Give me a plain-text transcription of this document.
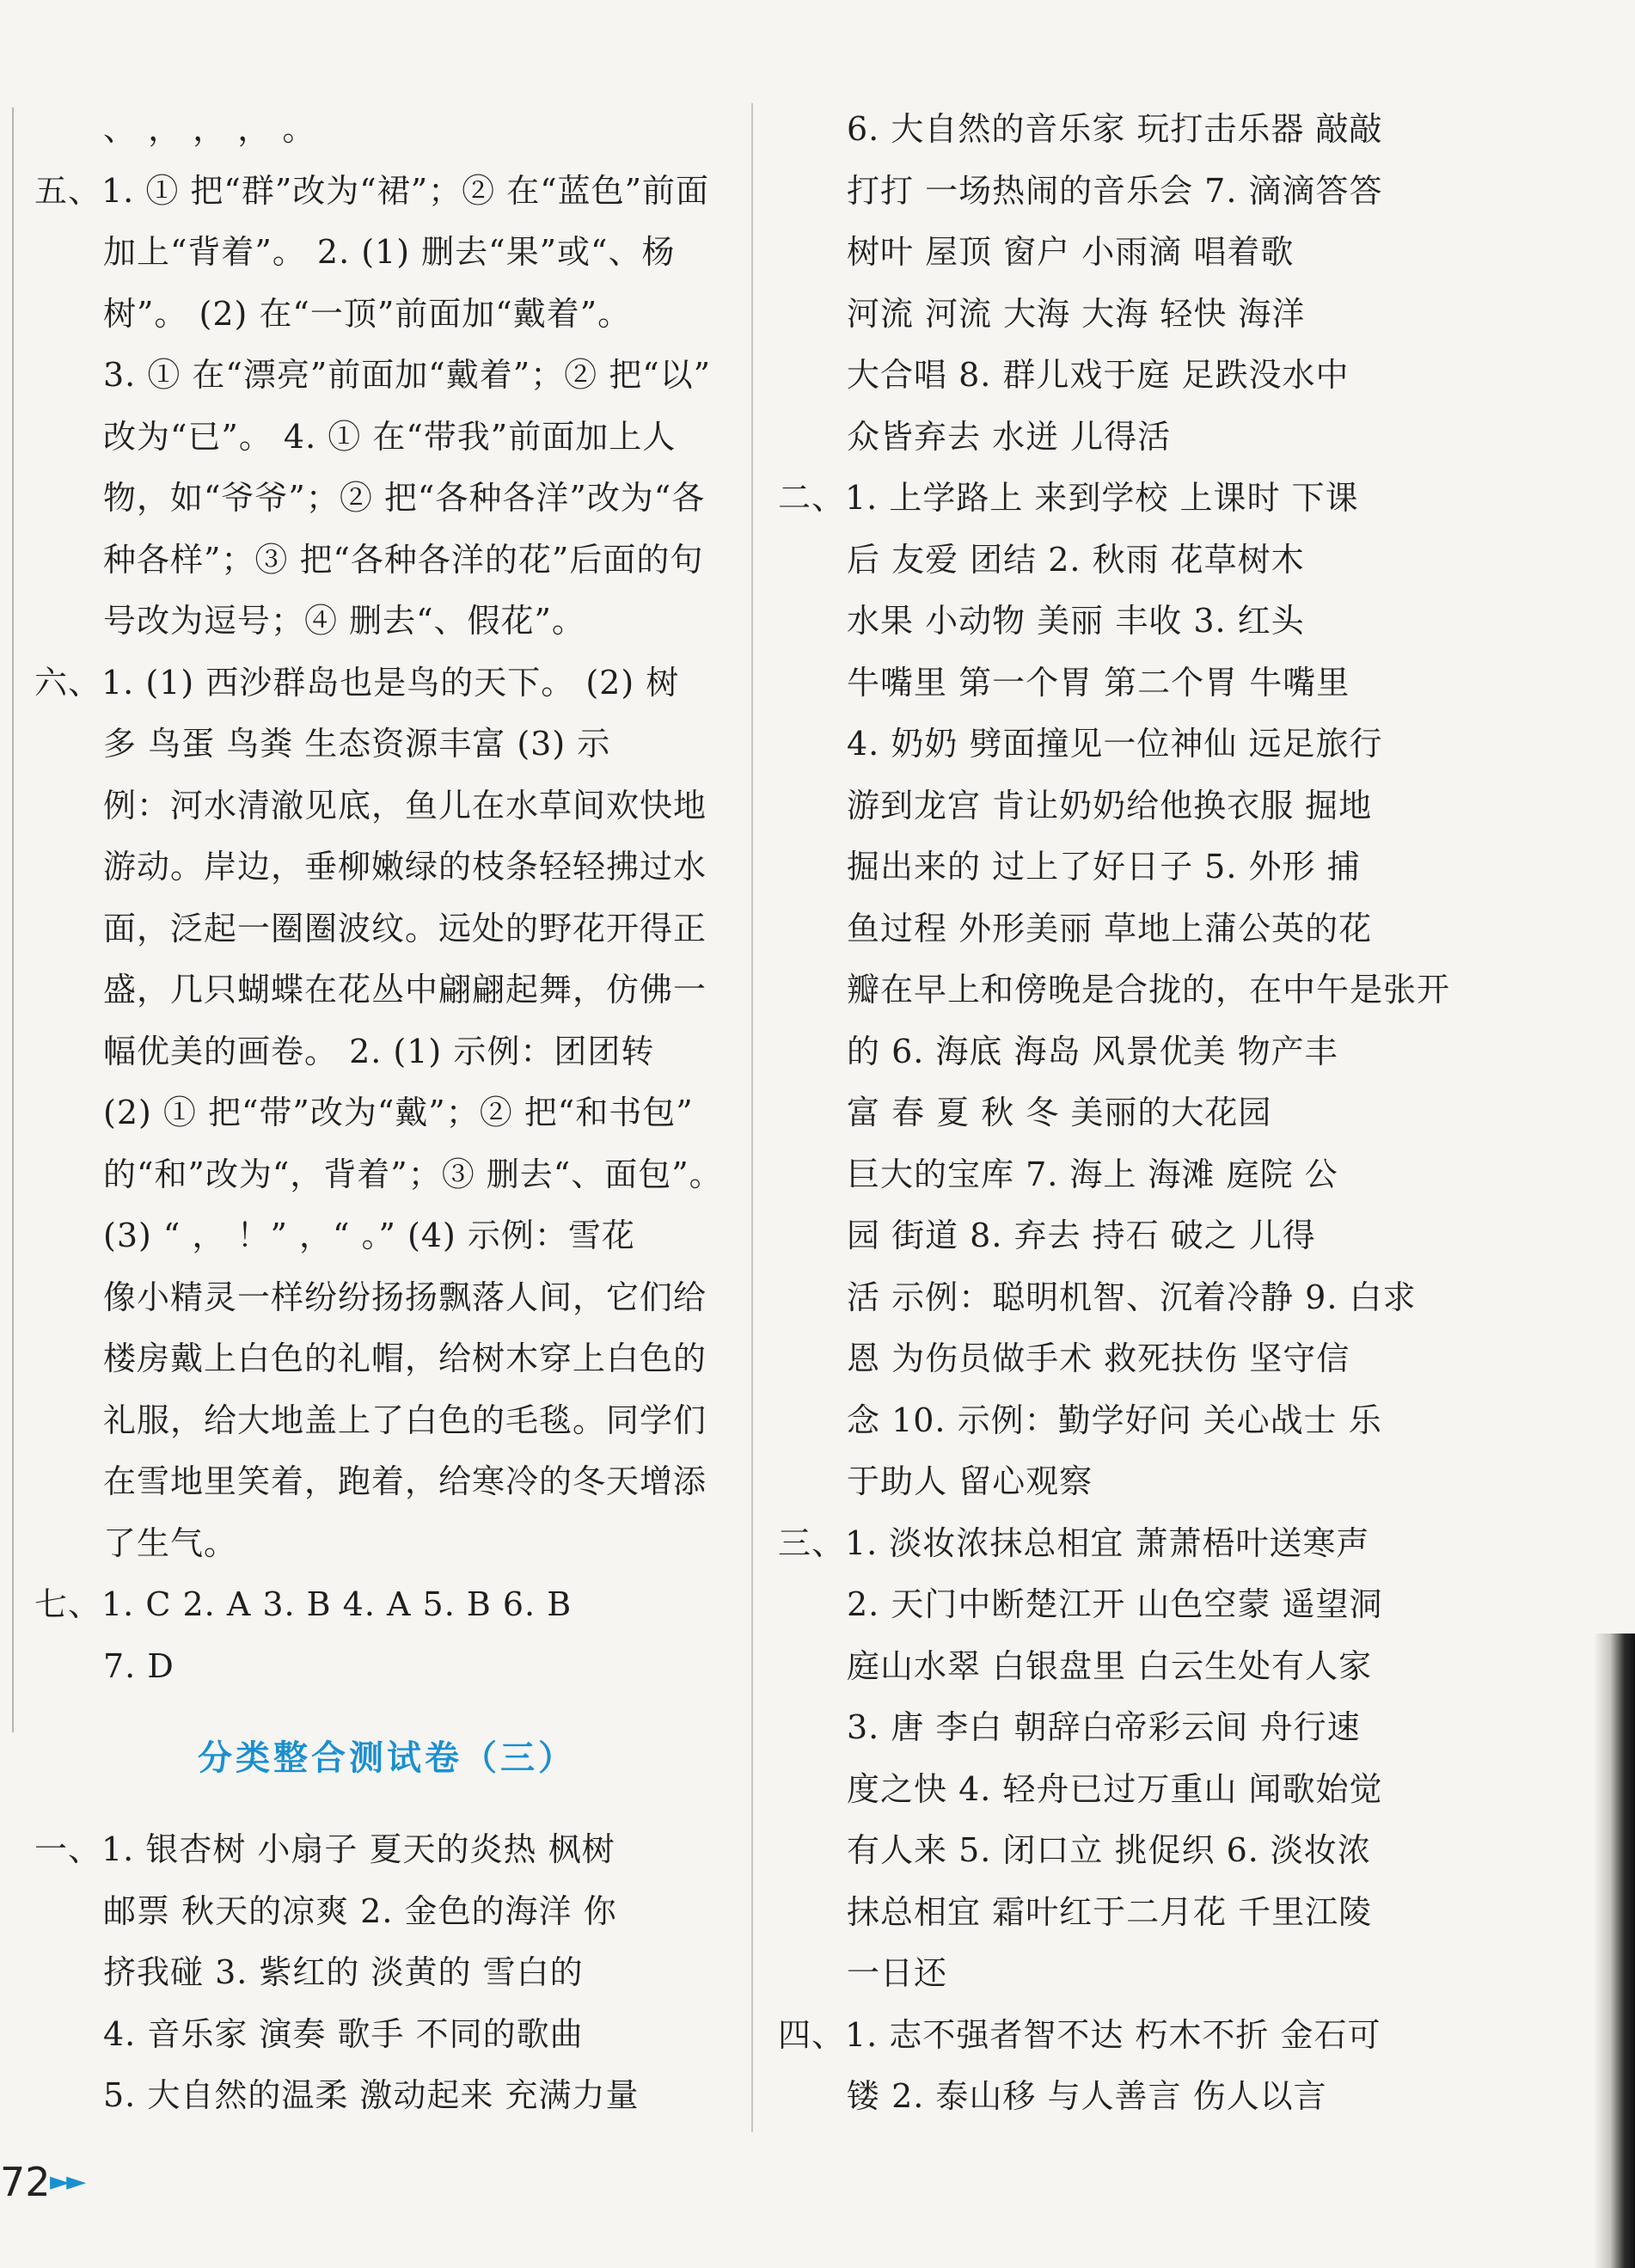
、 ， ， ， 。
五、1. ① 把“群”改为“裙”；② 在“蓝色”前面
加上“背着”。 2. (1) 删去“果”或“、杨
树”。 (2) 在“一顶”前面加“戴着”。
3. ① 在“漂亮”前面加“戴着”；② 把“以”
改为“已”。 4. ① 在“带我”前面加上人
物，如“爷爷”；② 把“各种各洋”改为“各
种各样”；③ 把“各种各洋的花”后面的句
号改为逗号；④ 删去“、假花”。
六、1. (1) 西沙群岛也是鸟的天下。 (2) 树
多 鸟蛋 鸟粪 生态资源丰富 (3) 示
例：河水清澈见底，鱼儿在水草间欢快地
游动。岸边，垂柳嫩绿的枝条轻轻拂过水
面，泛起一圈圈波纹。远处的野花开得正
盛，几只蝴蝶在花丛中翩翩起舞，仿佛一
幅优美的画卷。 2. (1) 示例：团团转
(2) ① 把“带”改为“戴”；② 把“和书包”
的“和”改为“，背着”；③ 删去“、面包”。
(3) “ ， ！” ，“ 。” (4) 示例：雪花
像小精灵一样纷纷扬扬飘落人间，它们给
楼房戴上白色的礼帽，给树木穿上白色的
礼服，给大地盖上了白色的毛毯。同学们
在雪地里笑着，跑着，给寒冷的冬天增添
了生气。
七、1. C 2. A 3. B 4. A 5. B 6. B
7. D
分类整合测试卷（三）
一、1. 银杏树 小扇子 夏天的炎热 枫树
邮票 秋天的凉爽 2. 金色的海洋 你
挤我碰 3. 紫红的 淡黄的 雪白的
4. 音乐家 演奏 歌手 不同的歌曲
5. 大自然的温柔 激动起来 充满力量
6. 大自然的音乐家 玩打击乐器 敲敲
打打 一场热闹的音乐会 7. 滴滴答答
树叶 屋顶 窗户 小雨滴 唱着歌
河流 河流 大海 大海 轻快 海洋
大合唱 8. 群儿戏于庭 足跌没水中
众皆弃去 水迸 儿得活
二、1. 上学路上 来到学校 上课时 下课
后 友爱 团结 2. 秋雨 花草树木
水果 小动物 美丽 丰收 3. 红头
牛嘴里 第一个胃 第二个胃 牛嘴里
4. 奶奶 劈面撞见一位神仙 远足旅行
游到龙宫 肯让奶奶给他换衣服 掘地
掘出来的 过上了好日子 5. 外形 捕
鱼过程 外形美丽 草地上蒲公英的花
瓣在早上和傍晚是合拢的，在中午是张开
的 6. 海底 海岛 风景优美 物产丰
富 春 夏 秋 冬 美丽的大花园
巨大的宝库 7. 海上 海滩 庭院 公
园 街道 8. 弃去 持石 破之 儿得
活 示例：聪明机智、沉着冷静 9. 白求
恩 为伤员做手术 救死扶伤 坚守信
念 10. 示例：勤学好问 关心战士 乐
于助人 留心观察
三、1. 淡妆浓抹总相宜 萧萧梧叶送寒声
2. 天门中断楚江开 山色空蒙 遥望洞
庭山水翠 白银盘里 白云生处有人家
3. 唐 李白 朝辞白帝彩云间 舟行速
度之快 4. 轻舟已过万重山 闻歌始觉
有人来 5. 闭口立 挑促织 6. 淡妆浓
抹总相宜 霜叶红于二月花 千里江陵
一日还
四、1. 志不强者智不达 朽木不折 金石可
镂 2. 泰山移 与人善言 伤人以言
72 ►►
